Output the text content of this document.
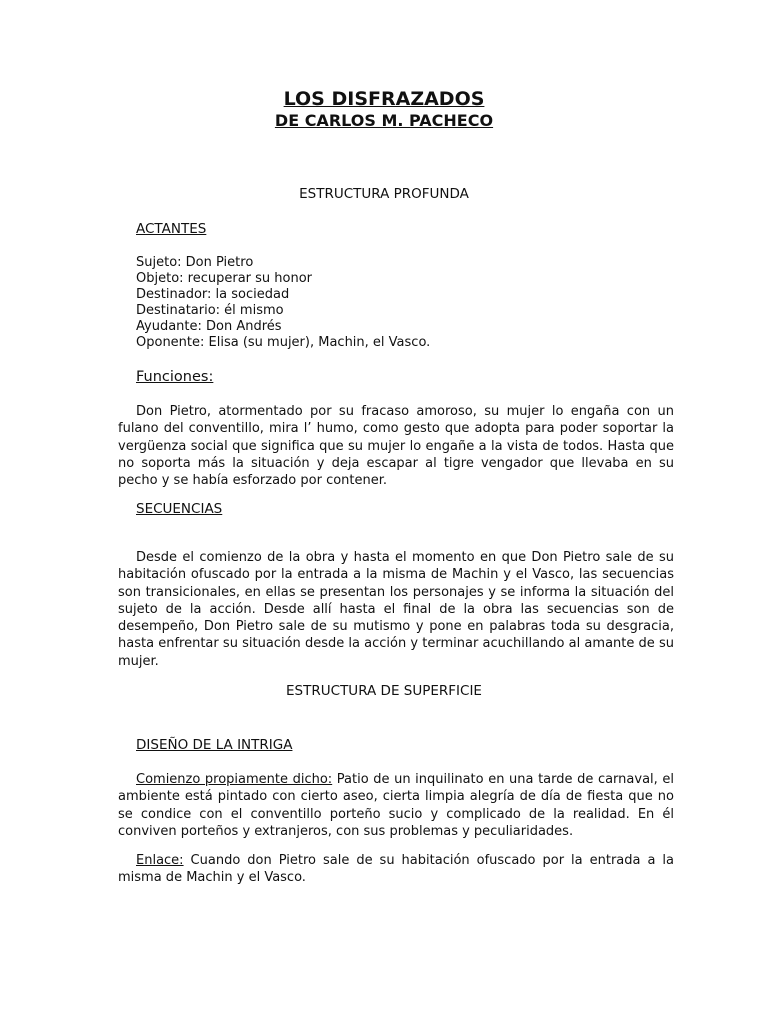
LOS DISFRAZADOS
DE CARLOS M. PACHECO
ESTRUCTURA PROFUNDA
ACTANTES
Sujeto: Don Pietro
Objeto: recuperar su honor
Destinador: la sociedad
Destinatario: él mismo
Ayudante: Don Andrés
Oponente: Elisa (su mujer), Machin, el Vasco.
Funciones:
Don Pietro, atormentado por su fracaso amoroso, su mujer lo engaña con un fulano del conventillo, mira l’ humo, como gesto que adopta para poder soportar la vergüenza social que significa que su mujer lo engañe a la vista de todos. Hasta que no soporta más la situación y deja escapar al tigre vengador que llevaba en su pecho y se había esforzado por contener.
SECUENCIAS
Desde el comienzo de la obra y hasta el momento en que Don Pietro sale de su habitación ofuscado por la entrada a la misma de Machin y el Vasco, las secuencias son transicionales, en ellas se presentan los personajes y se informa la situación del sujeto de la acción. Desde allí hasta el final de la obra las secuencias son de desempeño, Don Pietro sale de su mutismo y pone en palabras toda su desgracia, hasta enfrentar su situación desde la acción y terminar acuchillando al amante de su mujer.
ESTRUCTURA DE SUPERFICIE
DISEÑO DE LA INTRIGA
Comienzo propiamente dicho: Patio de un inquilinato en una tarde de carnaval, el ambiente está pintado con cierto aseo, cierta limpia alegría de día de fiesta que no se condice con el conventillo porteño sucio y complicado de la realidad. En él conviven porteños y extranjeros, con sus problemas y peculiaridades.
Enlace: Cuando don Pietro sale de su habitación ofuscado por la entrada a la misma de Machin y el Vasco.
